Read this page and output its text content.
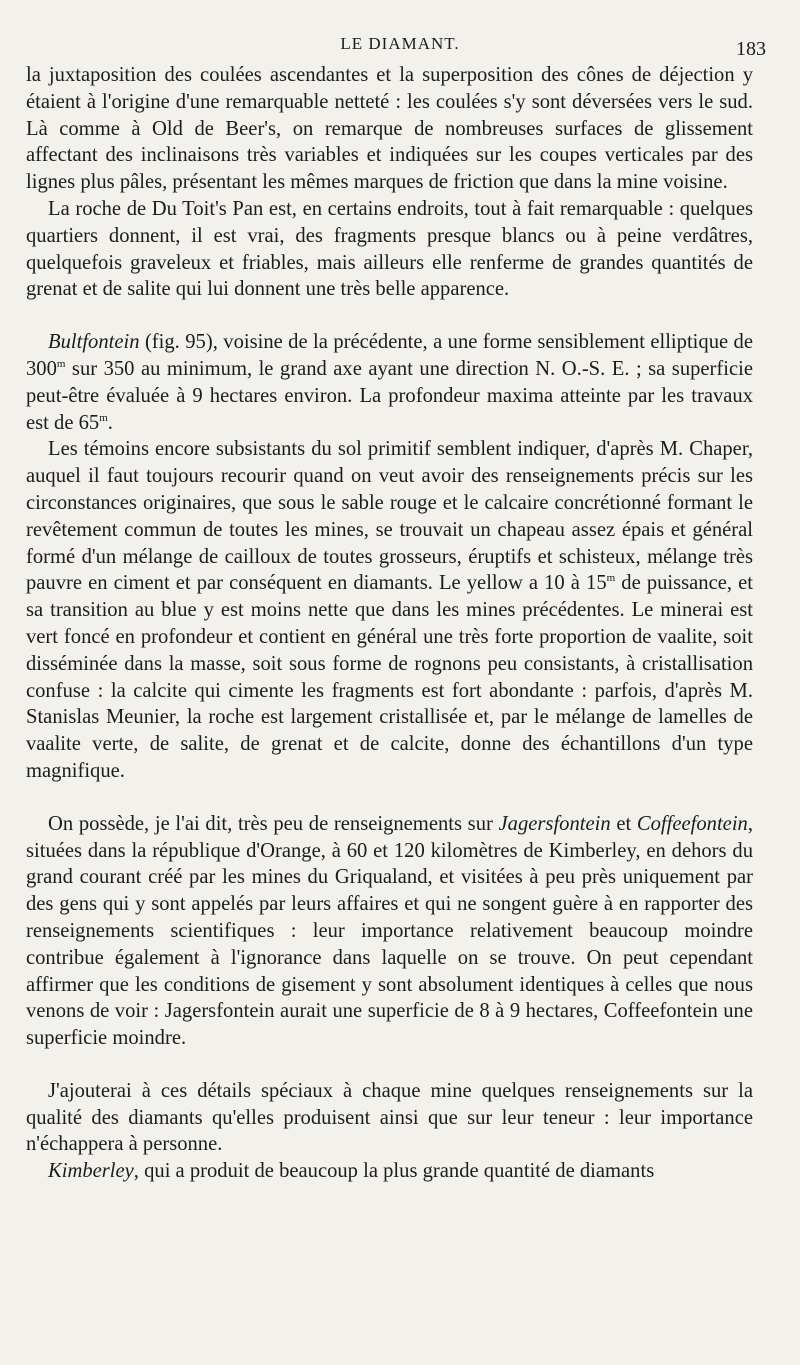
LE DIAMANT.	183

la juxtaposition des coulées ascendantes et la superposition des cônes de déjection y étaient à l'origine d'une remarquable netteté : les coulées s'y sont déversées vers le sud. Là comme à Old de Beer's, on remarque de nombreuses surfaces de glissement affectant des inclinaisons très variables et indiquées sur les coupes verticales par des lignes plus pâles, présentant les mêmes marques de friction que dans la mine voisine.

La roche de Du Toit's Pan est, en certains endroits, tout à fait remarquable : quelques quartiers donnent, il est vrai, des fragments presque blancs ou à peine verdâtres, quelquefois graveleux et friables, mais ailleurs elle renferme de grandes quantités de grenat et de salite qui lui donnent une très belle apparence.

Bultfontein (fig. 95), voisine de la précédente, a une forme sensiblement elliptique de 300$^m$ sur 350 au minimum, le grand axe ayant une direction N. O.-S. E. ; sa superficie peut-être évaluée à 9 hectares environ. La profondeur maxima atteinte par les travaux est de 65$^m$.

Les témoins encore subsistants du sol primitif semblent indiquer, d'après M. Chaper, auquel il faut toujours recourir quand on veut avoir des renseignements précis sur les circonstances originaires, que sous le sable rouge et le calcaire concrétionné formant le revêtement commun de toutes les mines, se trouvait un chapeau assez épais et général formé d'un mélange de cailloux de toutes grosseurs, éruptifs et schisteux, mélange très pauvre en ciment et par conséquent en diamants. Le yellow a 10 à 15$^m$ de puissance, et sa transition au blue y est moins nette que dans les mines précédentes. Le minerai est vert foncé en profondeur et contient en général une très forte proportion de vaalite, soit disséminée dans la masse, soit sous forme de rognons peu consistants, à cristallisation confuse : la calcite qui cimente les fragments est fort abondante : parfois, d'après M. Stanislas Meunier, la roche est largement cristallisée et, par le mélange de lamelles de vaalite verte, de salite, de grenat et de calcite, donne des échantillons d'un type magnifique.

On possède, je l'ai dit, très peu de renseignements sur Jagersfontein et Coffeefontein, situées dans la république d'Orange, à 60 et 120 kilomètres de Kimberley, en dehors du grand courant créé par les mines du Griqualand, et visitées à peu près uniquement par des gens qui y sont appelés par leurs affaires et qui ne songent guère à en rapporter des renseignements scientifiques : leur importance relativement beaucoup moindre contribue également à l'ignorance dans laquelle on se trouve. On peut cependant affirmer que les conditions de gisement y sont absolument identiques à celles que nous venons de voir : Jagersfontein aurait une superficie de 8 à 9 hectares, Coffeefontein une superficie moindre.

J'ajouterai à ces détails spéciaux à chaque mine quelques renseignements sur la qualité des diamants qu'elles produisent ainsi que sur leur teneur : leur importance n'échappera à personne.

Kimberley, qui a produit de beaucoup la plus grande quantité de diamants
